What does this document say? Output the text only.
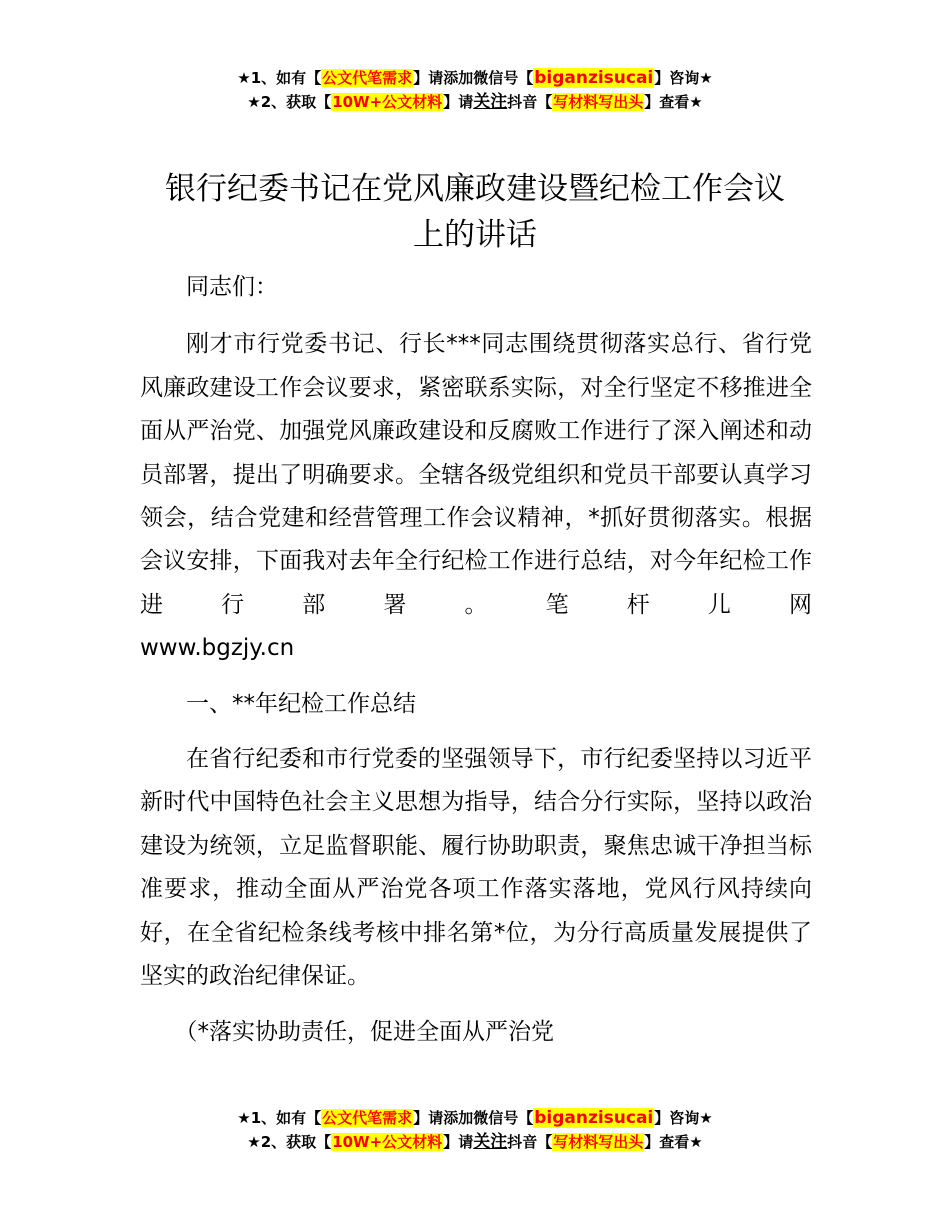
★1、如有【公文代笔需求】请添加微信号【biganzisucai】咨询★
★2、获取【10W+公文材料】请关注抖音【写材料写出头】查看★
银行纪委书记在党风廉政建设暨纪检工作会议
上的讲话

同志们：

刚才市行党委书记、行长***同志围绕贯彻落实总行、省行党风廉政建设工作会议要求，紧密联系实际，对全行坚定不移推进全面从严治党、加强党风廉政建设和反腐败工作进行了深入阐述和动员部署，提出了明确要求。全辖各级党组织和党员干部要认真学习领会，结合党建和经营管理工作会议精神，*抓好贯彻落实。根据会议安排，下面我对去年全行纪检工作进行总结，对今年纪检工作进行部署。笔杆儿网

www.bgzjy.cn

一、**年纪检工作总结

在省行纪委和市行党委的坚强领导下，市行纪委坚持以习近平新时代中国特色社会主义思想为指导，结合分行实际，坚持以政治建设为统领，立足监督职能、履行协助职责，聚焦忠诚干净担当标准要求，推动全面从严治党各项工作落实落地，党风行风持续向好，在全省纪检条线考核中排名第*位，为分行高质量发展提供了坚实的政治纪律保证。

（*落实协助责任，促进全面从严治党

★1、如有【公文代笔需求】请添加微信号【biganzisucai】咨询★
★2、获取【10W+公文材料】请关注抖音【写材料写出头】查看★
